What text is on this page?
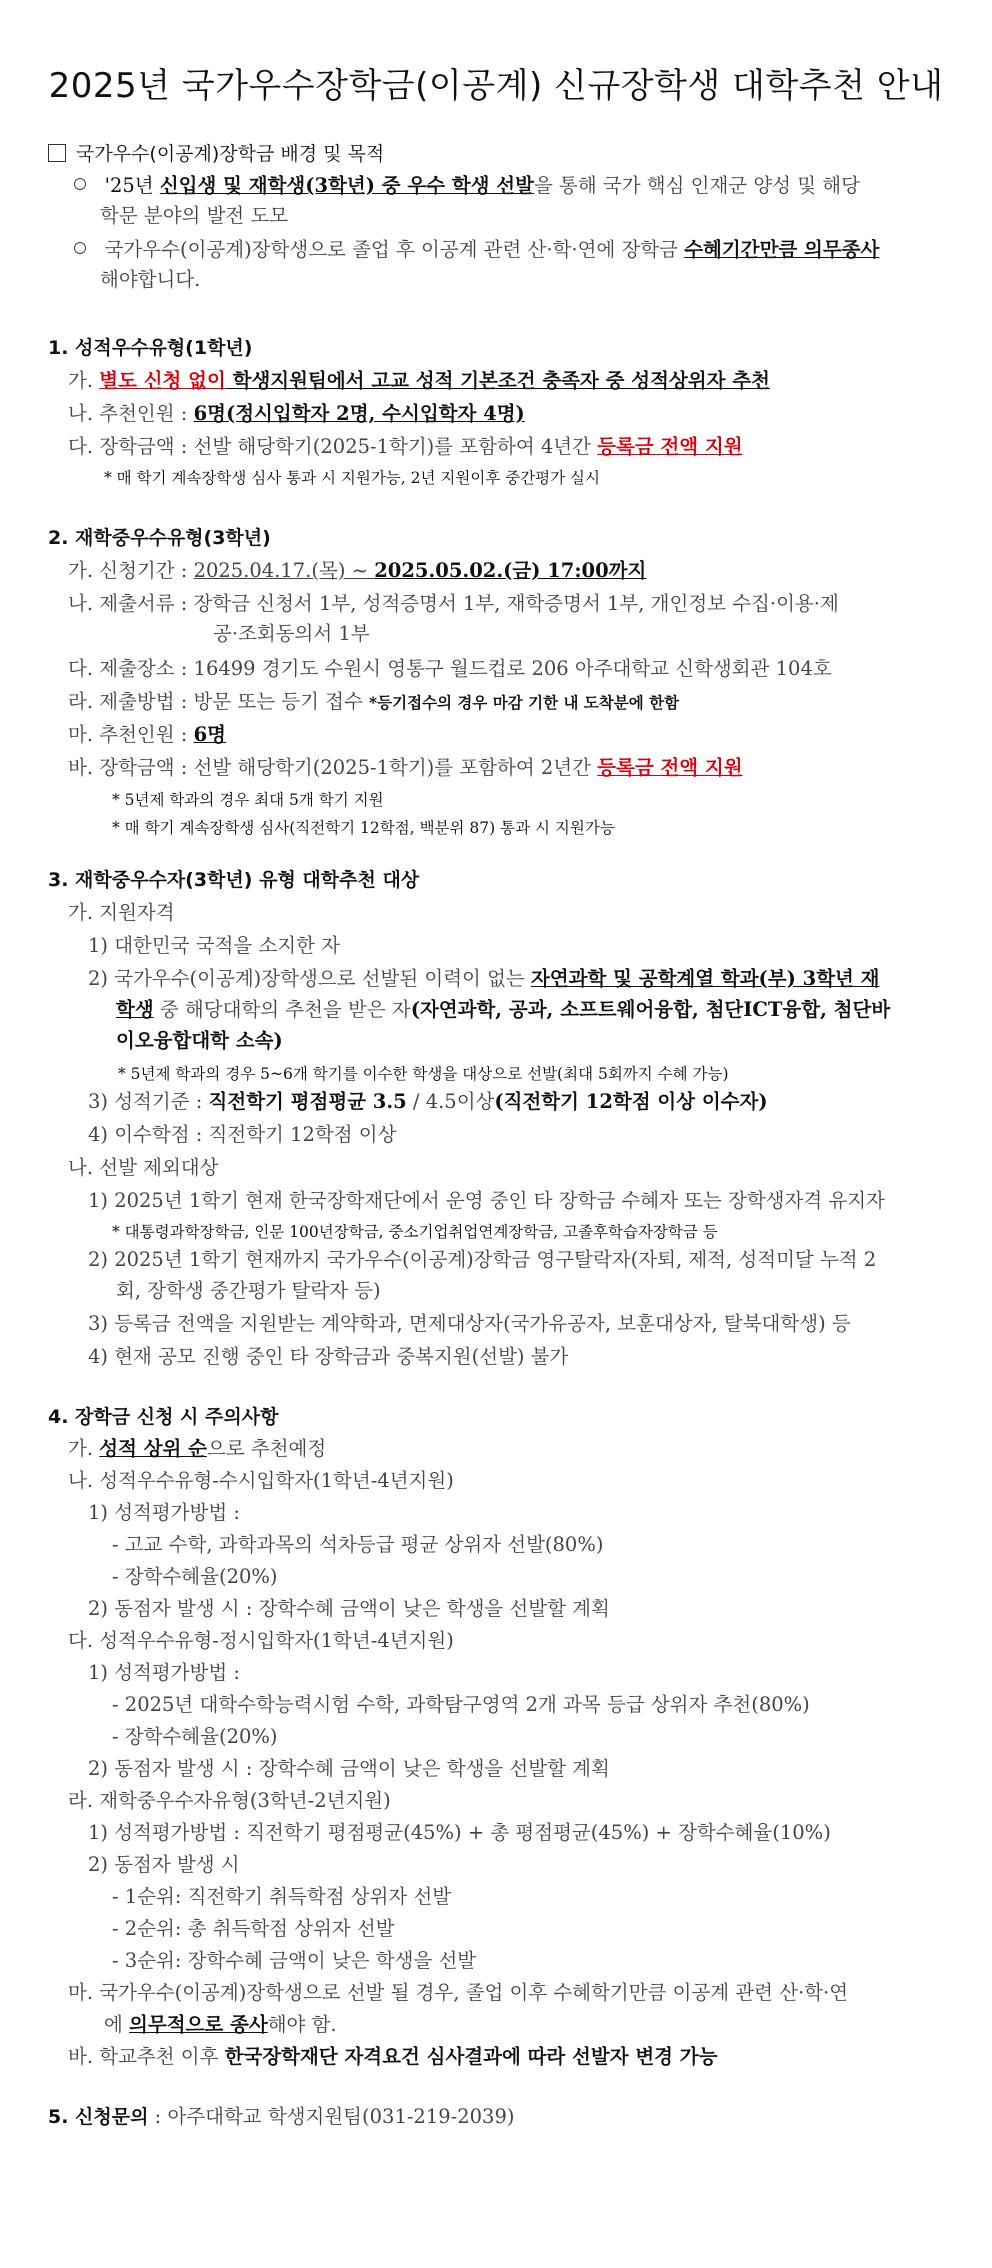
2025년 국가우수장학금(이공계) 신규장학생 대학추천 안내
국가우수(이공계)장학금 배경 및 목적
'25년 신입생 및 재학생(3학년) 중 우수 학생 선발을 통해 국가 핵심 인재군 양성 및 해당
학문 분야의 발전 도모
국가우수(이공계)장학생으로 졸업 후 이공계 관련 산·학·연에 장학금 수혜기간만큼 의무종사
해야합니다.
1. 성적우수유형(1학년)
가. 별도 신청 없이 학생지원팀에서 고교 성적 기본조건 충족자 중 성적상위자 추천
나. 추천인원 : 6명(정시입학자 2명, 수시입학자 4명)
다. 장학금액 : 선발 해당학기(2025-1학기)를 포함하여 4년간 등록금 전액 지원
* 매 학기 계속장학생 심사 통과 시 지원가능, 2년 지원이후 중간평가 실시
2. 재학중우수유형(3학년)
가. 신청기간 : 2025.04.17.(목) ~ 2025.05.02.(금) 17:00까지
나. 제출서류 : 장학금 신청서 1부, 성적증명서 1부, 재학증명서 1부, 개인정보 수집·이용·제
공·조회동의서 1부
다. 제출장소 : 16499 경기도 수원시 영통구 월드컵로 206 아주대학교 신학생회관 104호
라. 제출방법 : 방문 또는 등기 접수 *등기접수의 경우 마감 기한 내 도착분에 한함
마. 추천인원 : 6명
바. 장학금액 : 선발 해당학기(2025-1학기)를 포함하여 2년간 등록금 전액 지원
* 5년제 학과의 경우 최대 5개 학기 지원
* 매 학기 계속장학생 심사(직전학기 12학점, 백분위 87) 통과 시 지원가능
3. 재학중우수자(3학년) 유형 대학추천 대상
가. 지원자격
1) 대한민국 국적을 소지한 자
2) 국가우수(이공계)장학생으로 선발된 이력이 없는 자연과학 및 공학계열 학과(부) 3학년 재
학생 중 해당대학의 추천을 받은 자(자연과학, 공과, 소프트웨어융합, 첨단ICT융합, 첨단바
이오융합대학 소속)
* 5년제 학과의 경우 5~6개 학기를 이수한 학생을 대상으로 선발(최대 5회까지 수혜 가능)
3) 성적기준 : 직전학기 평점평균 3.5 / 4.5이상(직전학기 12학점 이상 이수자)
4) 이수학점 : 직전학기 12학점 이상
나. 선발 제외대상
1) 2025년 1학기 현재 한국장학재단에서 운영 중인 타 장학금 수혜자 또는 장학생자격 유지자
* 대통령과학장학금, 인문 100년장학금, 중소기업취업연계장학금, 고졸후학습자장학금 등
2) 2025년 1학기 현재까지 국가우수(이공계)장학금 영구탈락자(자퇴, 제적, 성적미달 누적 2
회, 장학생 중간평가 탈락자 등)
3) 등록금 전액을 지원받는 계약학과, 면제대상자(국가유공자, 보훈대상자, 탈북대학생) 등
4) 현재 공모 진행 중인 타 장학금과 중복지원(선발) 불가
4. 장학금 신청 시 주의사항
가. 성적 상위 순으로 추천예정
나. 성적우수유형-수시입학자(1학년-4년지원)
1) 성적평가방법 :
- 고교 수학, 과학과목의 석차등급 평균 상위자 선발(80%)
- 장학수혜율(20%)
2) 동점자 발생 시 : 장학수혜 금액이 낮은 학생을 선발할 계획
다. 성적우수유형-정시입학자(1학년-4년지원)
1) 성적평가방법 :
- 2025년 대학수학능력시험 수학, 과학탐구영역 2개 과목 등급 상위자 추천(80%)
- 장학수혜율(20%)
2) 동점자 발생 시 : 장학수혜 금액이 낮은 학생을 선발할 계획
라. 재학중우수자유형(3학년-2년지원)
1) 성적평가방법 : 직전학기 평점평균(45%) + 총 평점평균(45%) + 장학수혜율(10%)
2) 동점자 발생 시
- 1순위: 직전학기 취득학점 상위자 선발
- 2순위: 총 취득학점 상위자 선발
- 3순위: 장학수혜 금액이 낮은 학생을 선발
마. 국가우수(이공계)장학생으로 선발 될 경우, 졸업 이후 수혜학기만큼 이공계 관련 산·학·연
에 의무적으로 종사해야 함.
바. 학교추천 이후 한국장학재단 자격요건 심사결과에 따라 선발자 변경 가능
5. 신청문의 : 아주대학교 학생지원팀(031-219-2039)
